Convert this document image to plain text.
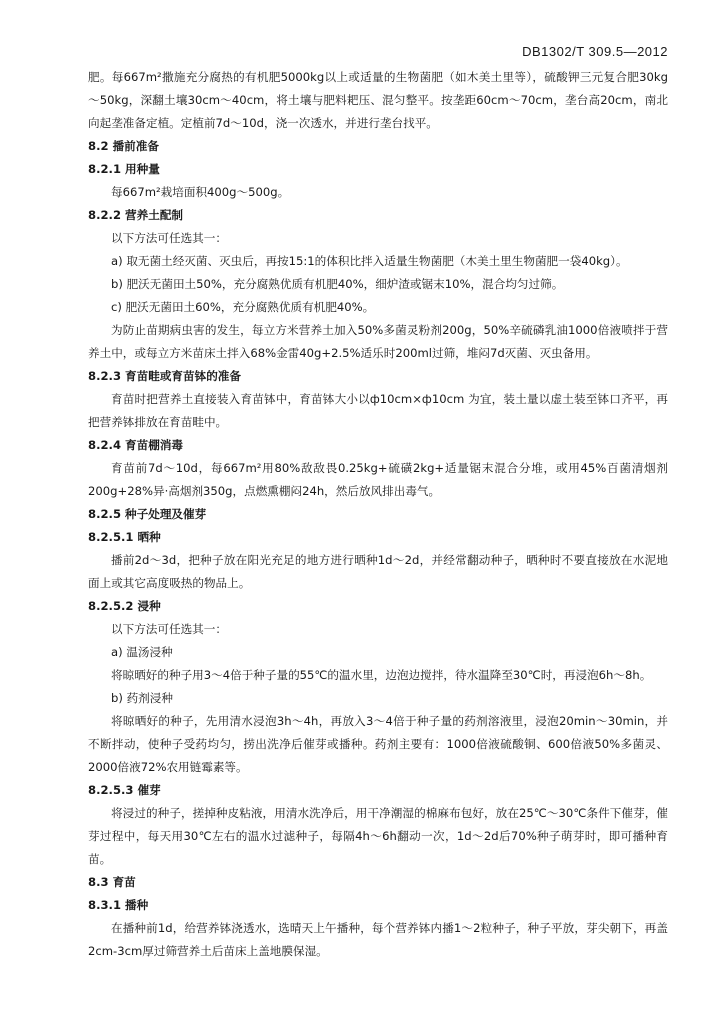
DB1302/T 309.5—2012

肥。每667m²撒施充分腐热的有机肥5000kg以上或适量的生物菌肥（如木美土里等），硫酸钾三元复合肥30kg～50kg，深翻土壤30cm～40cm，将土壤与肥料耙压、混匀整平。按垄距60cm～70cm，垄台高20cm，南北向起垄准备定植。定植前7d～10d，浇一次透水，并进行垄台找平。

8.2 播前准备

8.2.1 用种量

每667m²栽培面积400g～500g。

8.2.2 营养土配制

以下方法可任选其一：

a) 取无菌土经灭菌、灭虫后，再按15:1的体积比拌入适量生物菌肥（木美土里生物菌肥一袋40kg）。

b) 肥沃无菌田土50%，充分腐熟优质有机肥40%，细炉渣或锯末10%，混合均匀过筛。

c) 肥沃无菌田土60%，充分腐熟优质有机肥40%。

为防止苗期病虫害的发生，每立方米营养土加入50%多菌灵粉剂200g，50%辛硫磷乳油1000倍液喷拌于营养土中，或每立方米苗床土拌入68%金雷40g+2.5%适乐时200ml过筛，堆闷7d灭菌、灭虫备用。

8.2.3 育苗畦或育苗钵的准备

育苗时把营养土直接装入育苗钵中，育苗钵大小以ф10cm×ф10cm 为宜，装土量以虚土装至钵口齐平，再把营养钵排放在育苗畦中。

8.2.4 育苗棚消毒

育苗前7d～10d，每667m²用80%敌敌畏0.25kg+硫磺2kg+适量锯末混合分堆，或用45%百菌清烟剂200g+28%异·高烟剂350g，点燃熏棚闷24h，然后放风排出毒气。

8.2.5 种子处理及催芽

8.2.5.1 晒种

播前2d～3d，把种子放在阳光充足的地方进行晒种1d～2d，并经常翻动种子，晒种时不要直接放在水泥地面上或其它高度吸热的物品上。

8.2.5.2 浸种

以下方法可任选其一：

a) 温汤浸种

将晾晒好的种子用3～4倍于种子量的55℃的温水里，边泡边搅拌，待水温降至30℃时，再浸泡6h～8h。

b) 药剂浸种

将晾晒好的种子，先用清水浸泡3h～4h，再放入3～4倍于种子量的药剂溶液里，浸泡20min～30min，并不断拌动，使种子受药均匀，捞出洗净后催芽或播种。药剂主要有：1000倍液硫酸铜、600倍液50%多菌灵、2000倍液72%农用链霉素等。

8.2.5.3 催芽

将浸过的种子，搓掉种皮粘液，用清水洗净后，用干净潮湿的棉麻布包好，放在25℃～30℃条件下催芽，催芽过程中，每天用30℃左右的温水过滤种子，每隔4h～6h翻动一次，1d～2d后70%种子萌芽时，即可播种育苗。

8.3 育苗

8.3.1 播种

在播种前1d，给营养钵浇透水，选晴天上午播种，每个营养钵内播1～2粒种子，种子平放，芽尖朝下，再盖2cm-3cm厚过筛营养土后苗床上盖地膜保湿。
